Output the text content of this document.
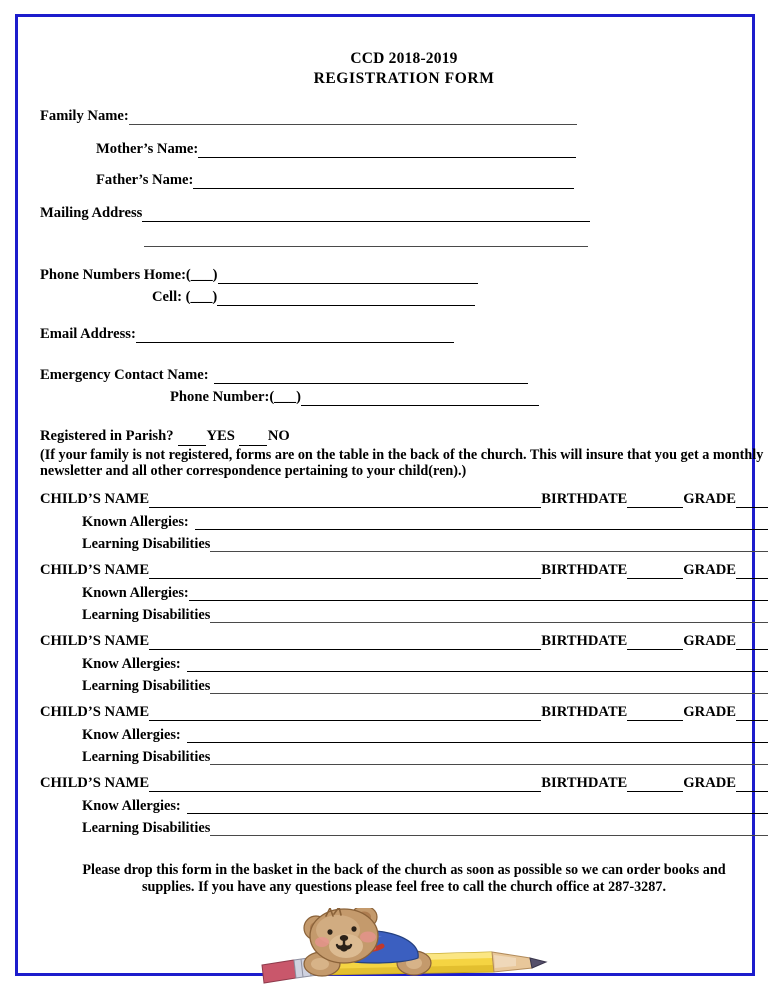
CCD 2018-2019
REGISTRATION FORM
Family Name:
Mother’s Name:
Father’s Name:
Mailing Address
Phone Numbers Home:(___)
Cell: (___)
Email Address:
Emergency Contact Name:
Phone Number:(___)
Registered in Parish? YES NO
(If your family is not registered, forms are on the table in the back of the church. This will insure that you get a monthly newsletter and all other correspondence pertaining to your child(ren).)
CHILD’S NAME	BIRTHDATE	GRADE
Known Allergies:
Learning Disabilities
CHILD’S NAME	BIRTHDATE	GRADE
Known Allergies:
Learning Disabilities
CHILD’S NAME	BIRTHDATE	GRADE
Know Allergies:
Learning Disabilities
CHILD’S NAME	BIRTHDATE	GRADE
Know Allergies:
Learning Disabilities
CHILD’S NAME	BIRTHDATE	GRADE
Know Allergies:
Learning Disabilities
Please drop this form in the basket in the back of the church as soon as possible so we can order books and supplies. If you have any questions please feel free to call the church office at 287-3287.
